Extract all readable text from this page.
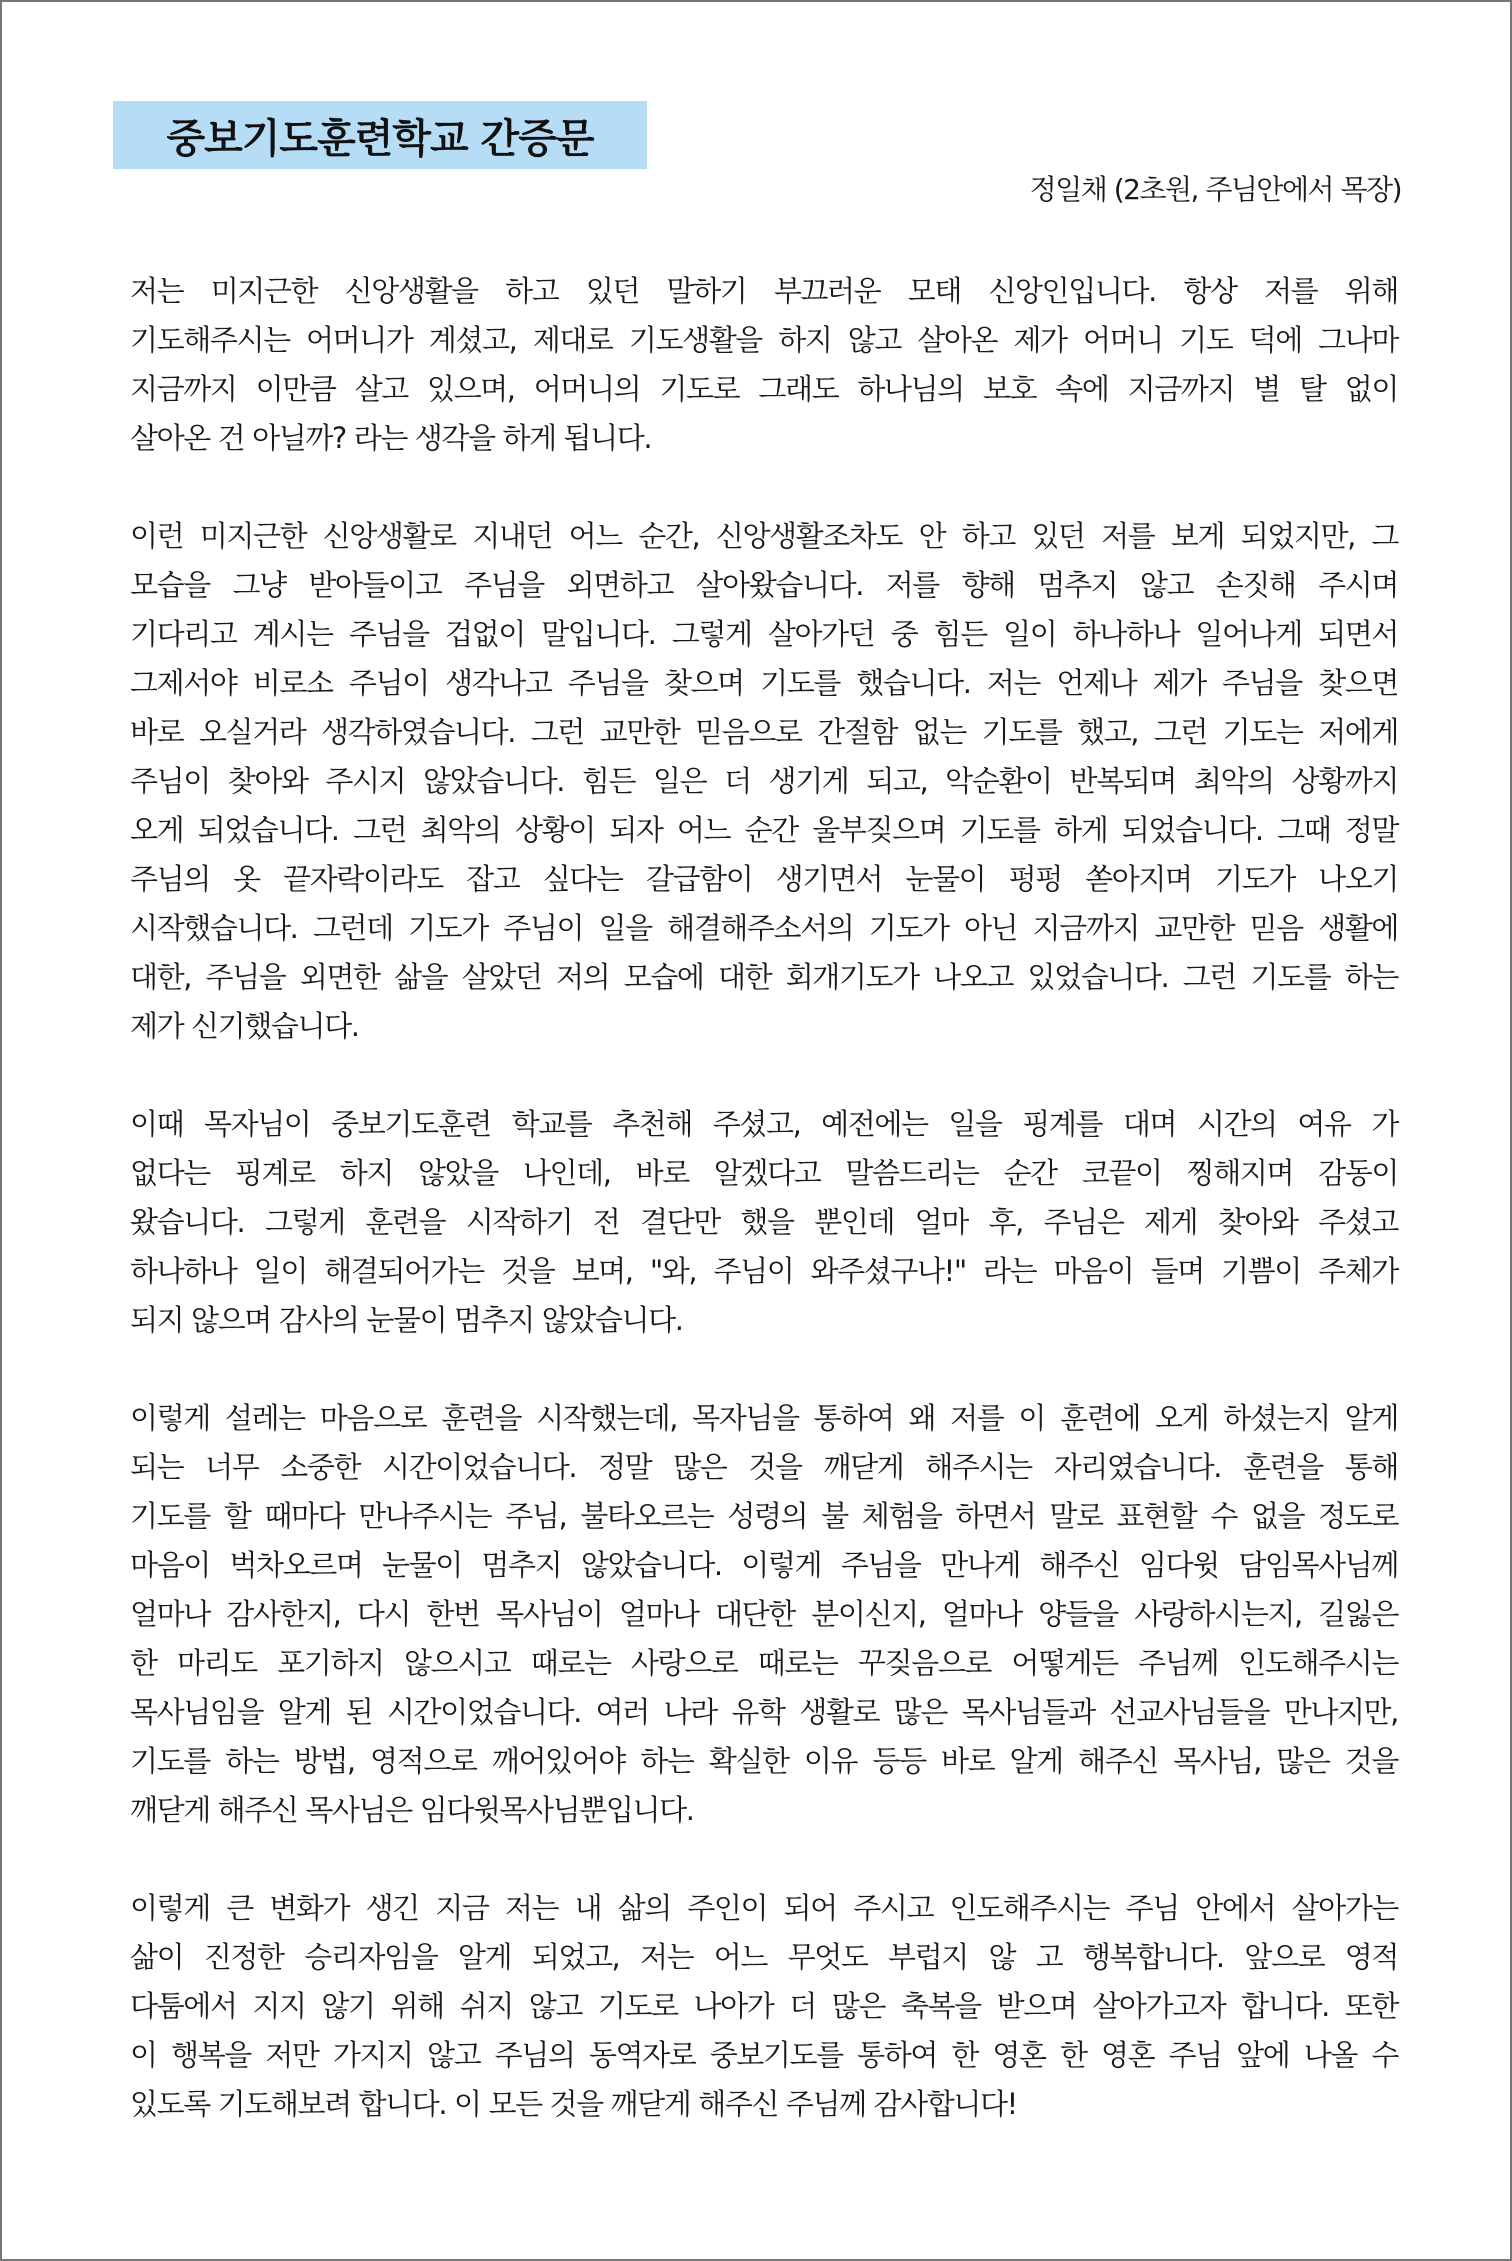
중보기도훈련학교 간증문
정일채 (2초원, 주님안에서 목장)
저는 미지근한 신앙생활을 하고 있던 말하기 부끄러운 모태 신앙인입니다. 항상 저를 위해
기도해주시는 어머니가 계셨고, 제대로 기도생활을 하지 않고 살아온 제가 어머니 기도 덕에 그나마
지금까지 이만큼 살고 있으며, 어머니의 기도로 그래도 하나님의 보호 속에 지금까지 별 탈 없이
살아온 건 아닐까? 라는 생각을 하게 됩니다.
이런 미지근한 신앙생활로 지내던 어느 순간, 신앙생활조차도 안 하고 있던 저를 보게 되었지만, 그
모습을 그냥 받아들이고 주님을 외면하고 살아왔습니다. 저를 향해 멈추지 않고 손짓해 주시며
기다리고 계시는 주님을 겁없이 말입니다. 그렇게 살아가던 중 힘든 일이 하나하나 일어나게 되면서
그제서야 비로소 주님이 생각나고 주님을 찾으며 기도를 했습니다. 저는 언제나 제가 주님을 찾으면
바로 오실거라 생각하였습니다. 그런 교만한 믿음으로 간절함 없는 기도를 했고, 그런 기도는 저에게
주님이 찾아와 주시지 않았습니다. 힘든 일은 더 생기게 되고, 악순환이 반복되며 최악의 상황까지
오게 되었습니다. 그런 최악의 상황이 되자 어느 순간 울부짖으며 기도를 하게 되었습니다. 그때 정말
주님의 옷 끝자락이라도 잡고 싶다는 갈급함이 생기면서 눈물이 펑펑 쏟아지며 기도가 나오기
시작했습니다. 그런데 기도가 주님이 일을 해결해주소서의 기도가 아닌 지금까지 교만한 믿음 생활에
대한, 주님을 외면한 삶을 살았던 저의 모습에 대한 회개기도가 나오고 있었습니다. 그런 기도를 하는
제가 신기했습니다.
이때 목자님이 중보기도훈련 학교를 추천해 주셨고, 예전에는 일을 핑계를 대며 시간의 여유 가
없다는 핑계로 하지 않았을 나인데, 바로 알겠다고 말씀드리는 순간 코끝이 찡해지며 감동이
왔습니다. 그렇게 훈련을 시작하기 전 결단만 했을 뿐인데 얼마 후, 주님은 제게 찾아와 주셨고
하나하나 일이 해결되어가는 것을 보며, "와, 주님이 와주셨구나!" 라는 마음이 들며 기쁨이 주체가
되지 않으며 감사의 눈물이 멈추지 않았습니다.
이렇게 설레는 마음으로 훈련을 시작했는데, 목자님을 통하여 왜 저를 이 훈련에 오게 하셨는지 알게
되는 너무 소중한 시간이었습니다. 정말 많은 것을 깨닫게 해주시는 자리였습니다. 훈련을 통해
기도를 할 때마다 만나주시는 주님, 불타오르는 성령의 불 체험을 하면서 말로 표현할 수 없을 정도로
마음이 벅차오르며 눈물이 멈추지 않았습니다. 이렇게 주님을 만나게 해주신 임다윗 담임목사님께
얼마나 감사한지, 다시 한번 목사님이 얼마나 대단한 분이신지, 얼마나 양들을 사랑하시는지, 길잃은
한 마리도 포기하지 않으시고 때로는 사랑으로 때로는 꾸짖음으로 어떻게든 주님께 인도해주시는
목사님임을 알게 된 시간이었습니다. 여러 나라 유학 생활로 많은 목사님들과 선교사님들을 만나지만,
기도를 하는 방법, 영적으로 깨어있어야 하는 확실한 이유 등등 바로 알게 해주신 목사님, 많은 것을
깨닫게 해주신 목사님은 임다윗목사님뿐입니다.
이렇게 큰 변화가 생긴 지금 저는 내 삶의 주인이 되어 주시고 인도해주시는 주님 안에서 살아가는
삶이 진정한 승리자임을 알게 되었고, 저는 어느 무엇도 부럽지 않 고 행복합니다. 앞으로 영적
다툼에서 지지 않기 위해 쉬지 않고 기도로 나아가 더 많은 축복을 받으며 살아가고자 합니다. 또한
이 행복을 저만 가지지 않고 주님의 동역자로 중보기도를 통하여 한 영혼 한 영혼 주님 앞에 나올 수
있도록 기도해보려 합니다. 이 모든 것을 깨닫게 해주신 주님께 감사합니다!
